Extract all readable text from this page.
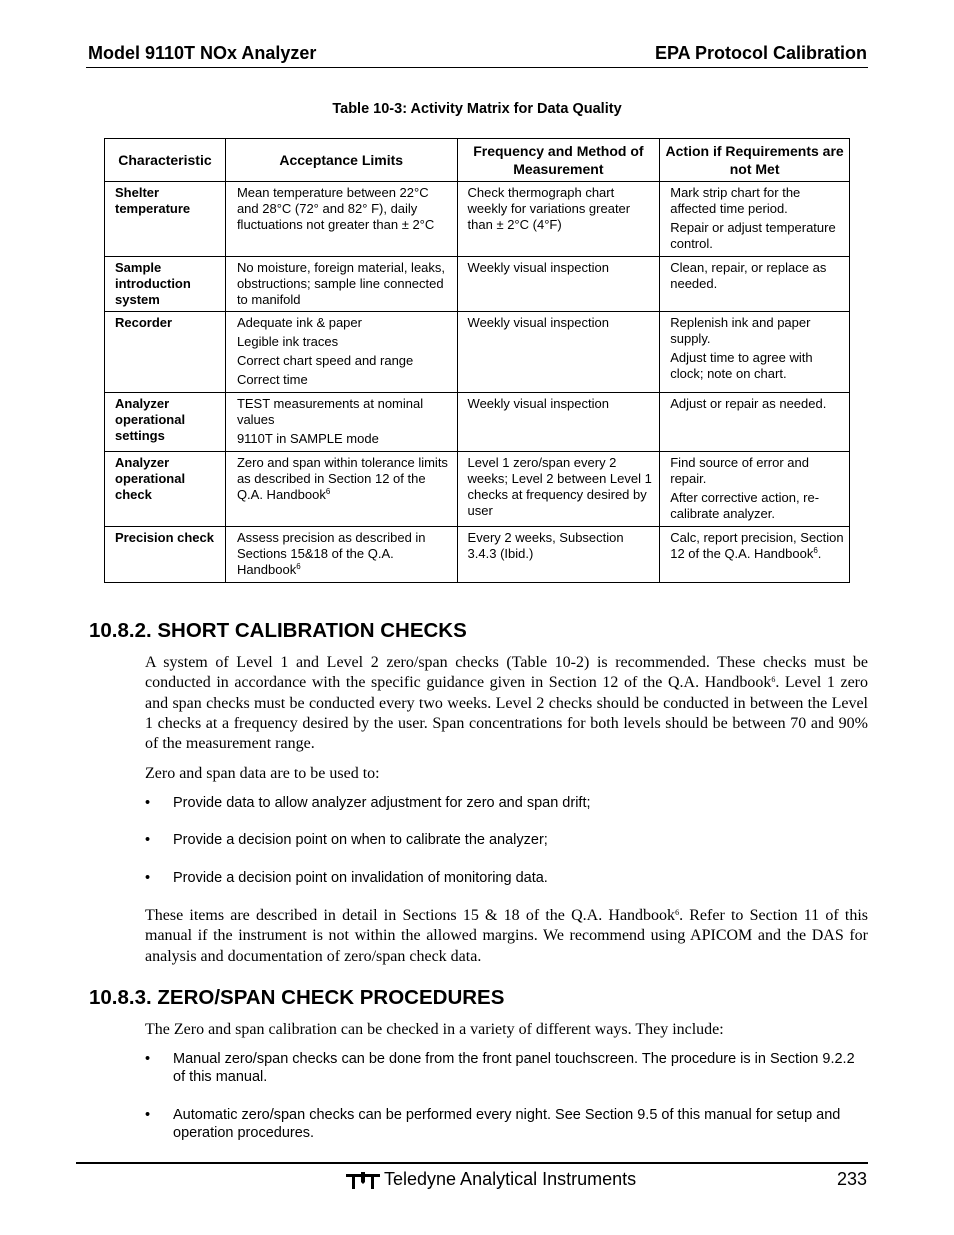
Model 9110T NOx Analyzer	EPA Protocol Calibration
Table 10-3: Activity Matrix for Data Quality
Characteristic	Acceptance Limits	Frequency and Method of Measurement	Action if Requirements are not Met
Shelter temperature	Mean temperature between 22°C and 28°C (72° and 82° F), daily fluctuations not greater than ± 2°C	Check thermograph chart weekly for variations greater than ± 2°C (4°F)	Mark strip chart for the affected time period.
Repair or adjust temperature control.

Sample introduction system	No moisture, foreign material, leaks, obstructions; sample line connected to manifold	Weekly visual inspection	Clean, repair, or replace as needed.

Recorder	Adequate ink & paper
Legible ink traces
Correct chart speed and range
Correct time	Weekly visual inspection	Replenish ink and paper supply.
Adjust time to agree with clock; note on chart.

Analyzer operational settings	TEST measurements at nominal values
9110T in SAMPLE mode	Weekly visual inspection	Adjust or repair as needed.

Analyzer operational check	Zero and span within tolerance limits as described in Section 12 of the Q.A. Handbook$^6$	Level 1 zero/span every 2 weeks; Level 2 between Level 1 checks at frequency desired by user	Find source of error and repair.
After corrective action, re-calibrate analyzer.

Precision check	Assess precision as described in Sections 15&18 of the Q.A. Handbook$^6$	Every 2 weeks, Subsection 3.4.3 (Ibid.)	Calc, report precision, Section 12 of the Q.A. Handbook$^6$.
10.8.2. SHORT CALIBRATION CHECKS

A system of Level 1 and Level 2 zero/span checks (Table 10-2) is recommended. These checks must be conducted in accordance with the specific guidance given in Section 12 of the Q.A. Handbook$^6$. Level 1 zero and span checks must be conducted every two weeks. Level 2 checks should be conducted in between the Level 1 checks at a frequency desired by the user. Span concentrations for both levels should be between 70 and 90% of the measurement range.

Zero and span data are to be used to:

• Provide data to allow analyzer adjustment for zero and span drift;
• Provide a decision point on when to calibrate the analyzer;
• Provide a decision point on invalidation of monitoring data.

These items are described in detail in Sections 15 & 18 of the Q.A. Handbook$^6$. Refer to Section 11 of this manual if the instrument is not within the allowed margins. We recommend using APICOM and the DAS for analysis and documentation of zero/span check data.

10.8.3. ZERO/SPAN CHECK PROCEDURES

The Zero and span calibration can be checked in a variety of different ways. They include:

• Manual zero/span checks can be done from the front panel touchscreen. The procedure is in Section 9.2.2 of this manual.
• Automatic zero/span checks can be performed every night. See Section 9.5 of this manual for setup and operation procedures.
Teledyne Analytical Instruments	233
